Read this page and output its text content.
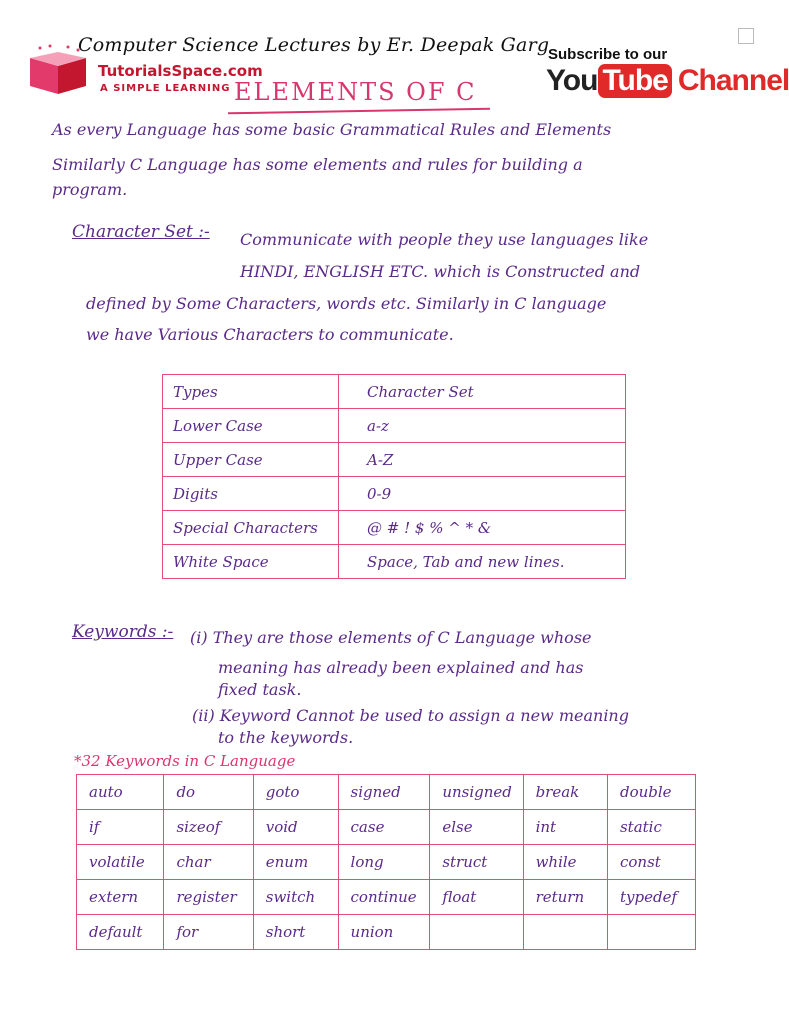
TutorialsSpace.com
A SIMPLE LEARNING
Computer Science Lectures by Er. Deepak Garg
Subscribe to our
You Tube Channel
ELEMENTS OF C
As every Language has some basic Grammatical Rules and Elements
Similarly C Language has some elements and rules for building a
program.
Character Set :- Communicate with people they use languages like
HINDI, ENGLISH ETC. which is Constructed and
defined by Some Characters, words etc. Similarly in C language
we have Various Characters to communicate.
Types	Character Set
Lower Case	a-z
Upper Case	A-Z
Digits	0-9
Special Characters	@ # ! $ % ^ * &
White Space	Space, Tab and new lines.
Keywords :- (i) They are those elements of C Language whose
meaning has already been explained and has
fixed task.
(ii) Keyword Cannot be used to assign a new meaning
to the keywords.
*32 Keywords in C Language
auto	do	goto	signed	unsigned	break	double
if	sizeof	void	case	else	int	static
volatile	char	enum	long	struct	while	const
extern	register	switch	continue	float	return	typedef
default	for	short	union			
